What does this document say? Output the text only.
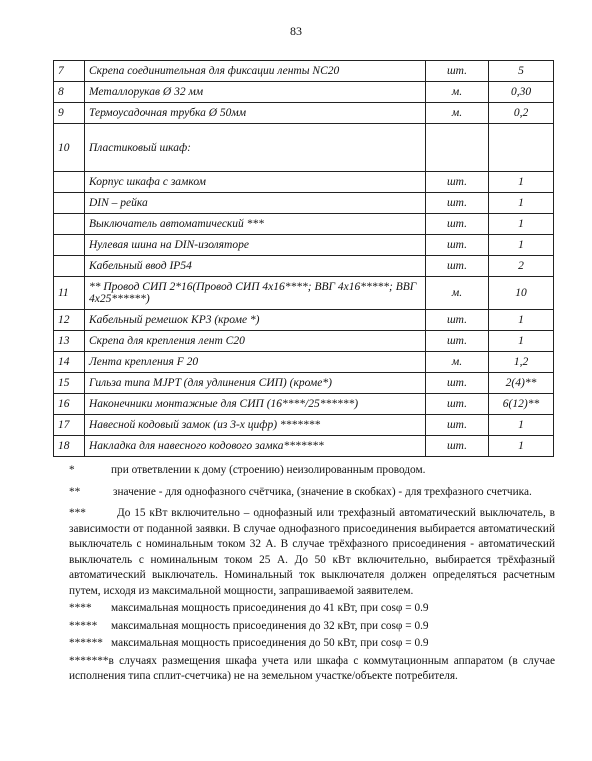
83
7	Скрепа соединительная для фиксации ленты NC20	шт.	5
8	Металлорукав Ø 32 мм	м.	0,30
9	Термоусадочная трубка Ø 50мм	м.	0,2
10	Пластиковый шкаф:		
	Корпус шкафа с замком	шт.	1
	DIN – рейка	шт.	1
	Выключатель автоматический ***	шт.	1
	Нулевая шина на DIN-изоляторе	шт.	1
	Кабельный ввод IP54	шт.	2
11	** Провод СИП 2*16(Провод СИП 4x16****; ВВГ 4x16*****; ВВГ 4x25******)	м.	10
12	Кабельный ремешок КР3 (кроме *)	шт.	1
13	Скрепа для крепления лент С20	шт.	1
14	Лента крепления F 20	м.	1,2
15	Гильза типа MJPT (для удлинения СИП) (кроме*)	шт.	2(4)**
16	Наконечники монтажные для СИП (16****/25******)	шт.	6(12)**
17	Навесной кодовый замок (из 3-х цифр) *******	шт.	1
18	Накладка для навесного кодового замка*******	шт.	1

*	при ответвлении к дому (строению) неизолированным проводом.

**	значение - для однофазного счётчика, (значение в скобках) - для трехфазного счетчика.

***	До 15 кВт включительно – однофазный или трехфазный автоматический выключатель, в зависимости от поданной заявки. В случае однофазного присоединения выбирается автоматический выключатель с номинальным током 32 А. В случае трёхфазного присоединения - автоматический выключатель с номинальным током 25 А. До 50 кВт включительно, выбирается трёхфазный автоматический выключатель. Номинальный ток выключателя должен определяться расчетным путем, исходя из максимальной мощности, запрашиваемой заявителем.

**** максимальная мощность присоединения до 41 кВт, при cosφ = 0.9

***** максимальная мощность присоединения до 32 кВт, при cosφ = 0.9

****** максимальная мощность присоединения до 50 кВт, при cosφ = 0.9

*******в случаях размещения шкафа учета или шкафа с коммутационным аппаратом (в случае исполнения типа сплит-счетчика) не на земельном участке/объекте потребителя.
